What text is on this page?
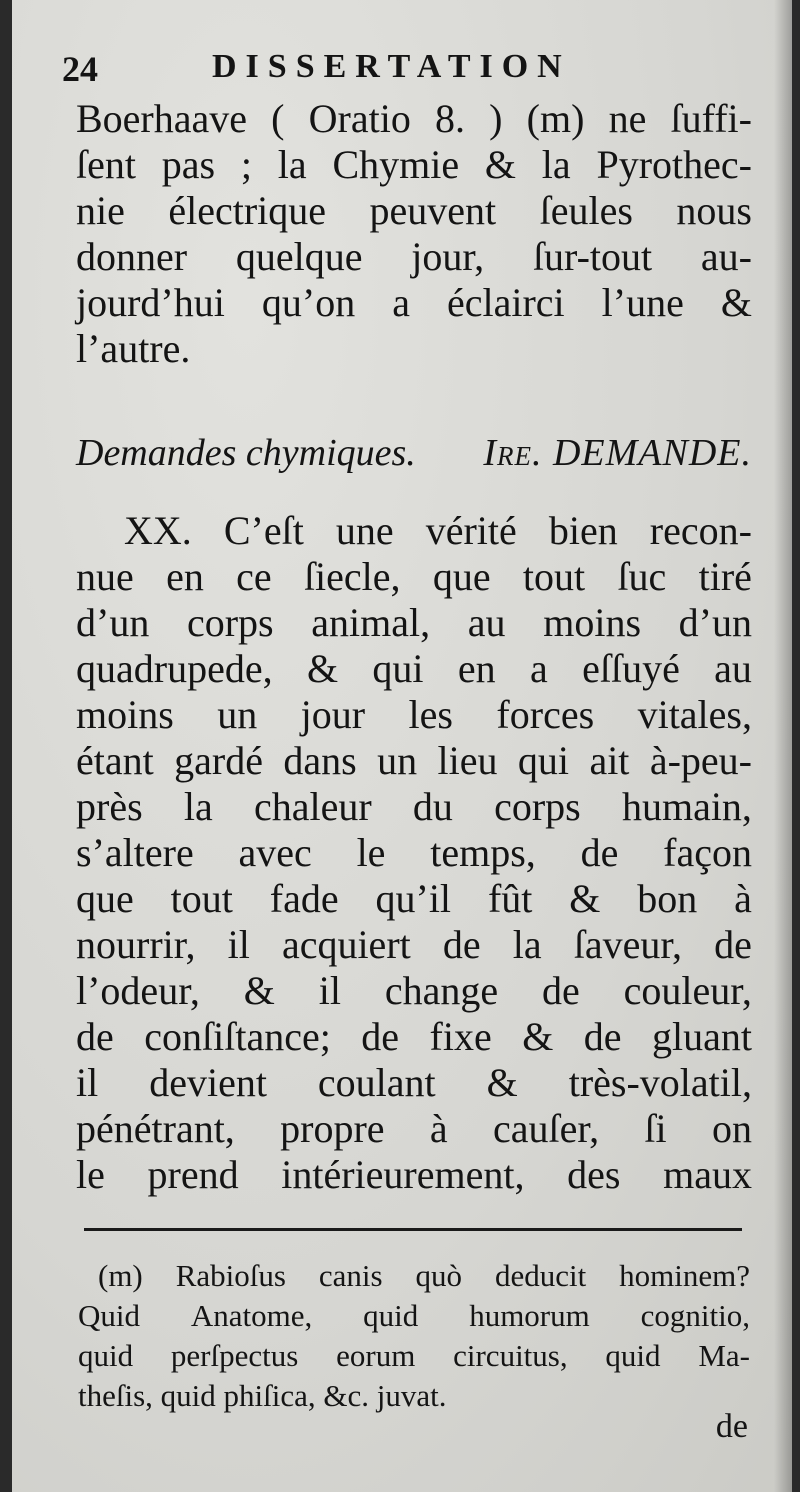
24	DISSERTATION
Boerhaave ( Oratio 8. ) (m) ne ſuffi-
ſent pas ; la Chymie & la Pyrothec-
nie électrique peuvent ſeules nous
donner quelque jour, ſur-tout au-
jourd’hui qu’on a éclairci l’une &
l’autre.
Demandes chymiques. Ire. DEMANDE.
XX. C’eſt une vérité bien recon-
nue en ce ſiecle, que tout ſuc tiré
d’un corps animal, au moins d’un
quadrupede, & qui en a eſſuyé au
moins un jour les forces vitales,
étant gardé dans un lieu qui ait à-peu-
près la chaleur du corps humain,
s’altere avec le temps, de façon
que tout fade qu’il fût & bon à
nourrir, il acquiert de la ſaveur, de
l’odeur, & il change de couleur,
de conſiſtance; de fixe & de gluant
il devient coulant & très-volatil,
pénétrant, propre à cauſer, ſi on
le prend intérieurement, des maux
(m) Rabioſus canis quò deducit hominem?
Quid Anatome, quid humorum cognitio,
quid perſpectus eorum circuitus, quid Ma-
theſis, quid phiſica, &c. juvat.
de
